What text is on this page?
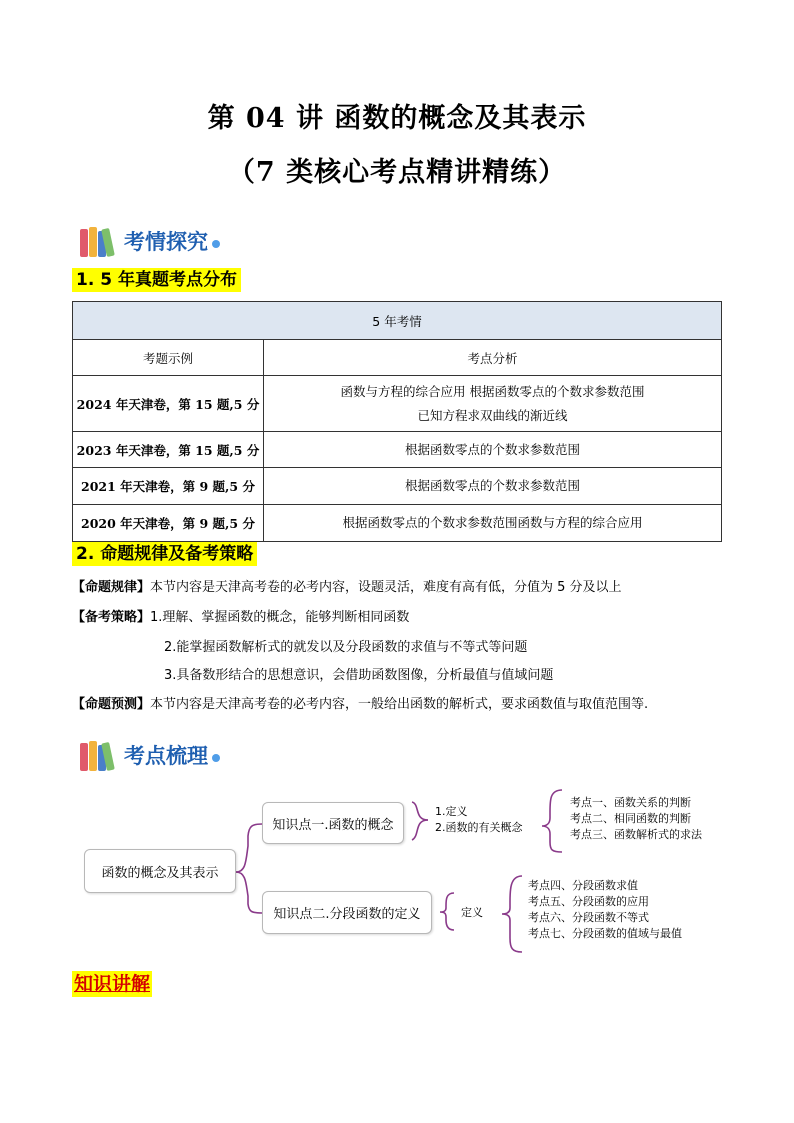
第 04 讲 函数的概念及其表示
（7 类核心考点精讲精练）
考情探究
1. 5 年真题考点分布
5 年考情	
考题示例	考点分析
2024 年天津卷，第 15 题,5 分	函数与方程的综合应用 根据函数零点的个数求参数范围
已知方程求双曲线的渐近线

2023 年天津卷，第 15 题,5 分	根据函数零点的个数求参数范围
2021 年天津卷，第 9 题,5 分	根据函数零点的个数求参数范围
2020 年天津卷，第 9 题,5 分	根据函数零点的个数求参数范围函数与方程的综合应用
2. 命题规律及备考策略
【命题规律】本节内容是天津高考卷的必考内容，设题灵活，难度有高有低，分值为 5 分及以上
【备考策略】1.理解、掌握函数的概念，能够判断相同函数
2.能掌握函数解析式的就发以及分段函数的求值与不等式等问题
3.具备数形结合的思想意识，会借助函数图像，分析最值与值域问题
【命题预测】本节内容是天津高考卷的必考内容，一般给出函数的解析式，要求函数值与取值范围等.
考点梳理
函数的概念及其表示
知识点一.函数的概念
知识点二.分段函数的定义
1.定义
2.函数的有关概念
考点一、函数关系的判断
考点二、相同函数的判断
考点三、函数解析式的求法
定义
考点四、分段函数求值
考点五、分段函数的应用
考点六、分段函数不等式
考点七、分段函数的值域与最值
知识讲解
